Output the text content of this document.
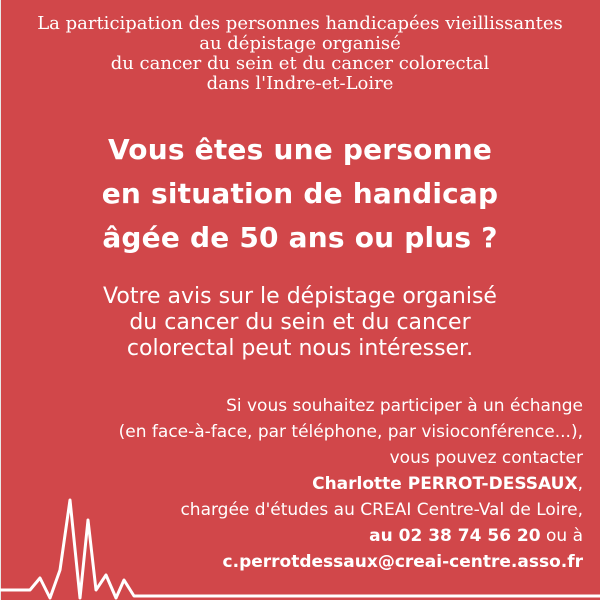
La participation des personnes handicapées vieillissantes
au dépistage organisé
du cancer du sein et du cancer colorectal
dans l'Indre-et-Loire
Vous êtes une personne
en situation de handicap
âgée de 50 ans ou plus ?
Votre avis sur le dépistage organisé
du cancer du sein et du cancer
colorectal peut nous intéresser.
Si vous souhaitez participer à un échange
(en face-à-face, par téléphone, par visioconférence...),
vous pouvez contacter
Charlotte PERROT-DESSAUX,
chargée d'études au CREAI Centre-Val de Loire,
au 02 38 74 56 20 ou à
c.perrotdessaux@creai-centre.asso.fr
